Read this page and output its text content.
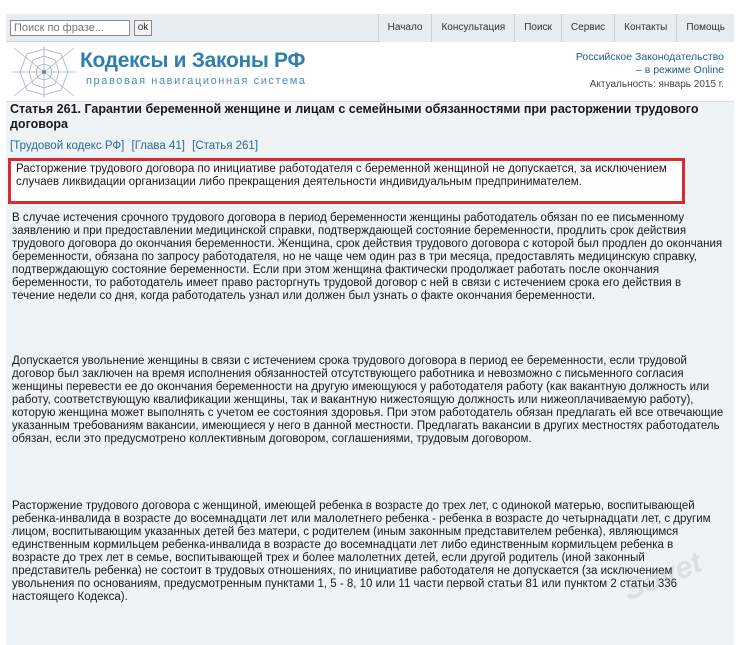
Поиск по фразе...
ok	Начало	Консультация	Поиск	Сервис	Контакты	Помощь
Кодексы и Законы РФ
правовая навигационная система
Российское Законодательство
– в режиме Online
Актуальность: январь 2015 г.
Статья 261. Гарантии беременной женщине и лицам с семейными обязанностями при расторжении трудового договора
[Трудовой кодекс РФ] [Глава 41] [Статья 261]
Расторжение трудового договора по инициативе работодателя с беременной женщиной не допускается, за исключением случаев ликвидации организации либо прекращения деятельности индивидуальным предпринимателем.

В случае истечения срочного трудового договора в период беременности женщины работодатель обязан по ее письменному заявлению и при предоставлении медицинской справки, подтверждающей состояние беременности, продлить срок действия трудового договора до окончания беременности. Женщина, срок действия трудового договора с которой был продлен до окончания беременности, обязана по запросу работодателя, но не чаще чем один раз в три месяца, предоставлять медицинскую справку, подтверждающую состояние беременности. Если при этом женщина фактически продолжает работать после окончания беременности, то работодатель имеет право расторгнуть трудовой договор с ней в связи с истечением срока его действия в течение недели со дня, когда работодатель узнал или должен был узнать о факте окончания беременности.

Допускается увольнение женщины в связи с истечением срока трудового договора в период ее беременности, если трудовой договор был заключен на время исполнения обязанностей отсутствующего работника и невозможно с письменного согласия женщины перевести ее до окончания беременности на другую имеющуюся у работодателя работу (как вакантную должность или работу, соответствующую квалификации женщины, так и вакантную нижестоящую должность или нижеоплачиваемую работу), которую женщина может выполнять с учетом ее состояния здоровья. При этом работодатель обязан предлагать ей все отвечающие указанным требованиям вакансии, имеющиеся у него в данной местности. Предлагать вакансии в других местностях работодатель обязан, если это предусмотрено коллективным договором, соглашениями, трудовым договором.

Расторжение трудового договора с женщиной, имеющей ребенка в возрасте до трех лет, с одинокой матерью, воспитывающей ребенка-инвалида в возрасте до восемнадцати лет или малолетнего ребенка - ребенка в возрасте до четырнадцати лет, с другим лицом, воспитывающим указанных детей без матери, с родителем (иным законным представителем ребенка), являющимся единственным кормильцем ребенка-инвалида в возрасте до восемнадцати лет либо единственным кормильцем ребенка в возрасте до трех лет в семье, воспитывающей трех и более малолетних детей, если другой родитель (иной законный представитель ребенка) не состоит в трудовых отношениях, по инициативе работодателя не допускается (за исключением увольнения по основаниям, предусмотренным пунктами 1, 5 - 8, 10 или 11 части первой статьи 81 или пунктом 2 статьи 336 настоящего Кодекса).	Sovet
